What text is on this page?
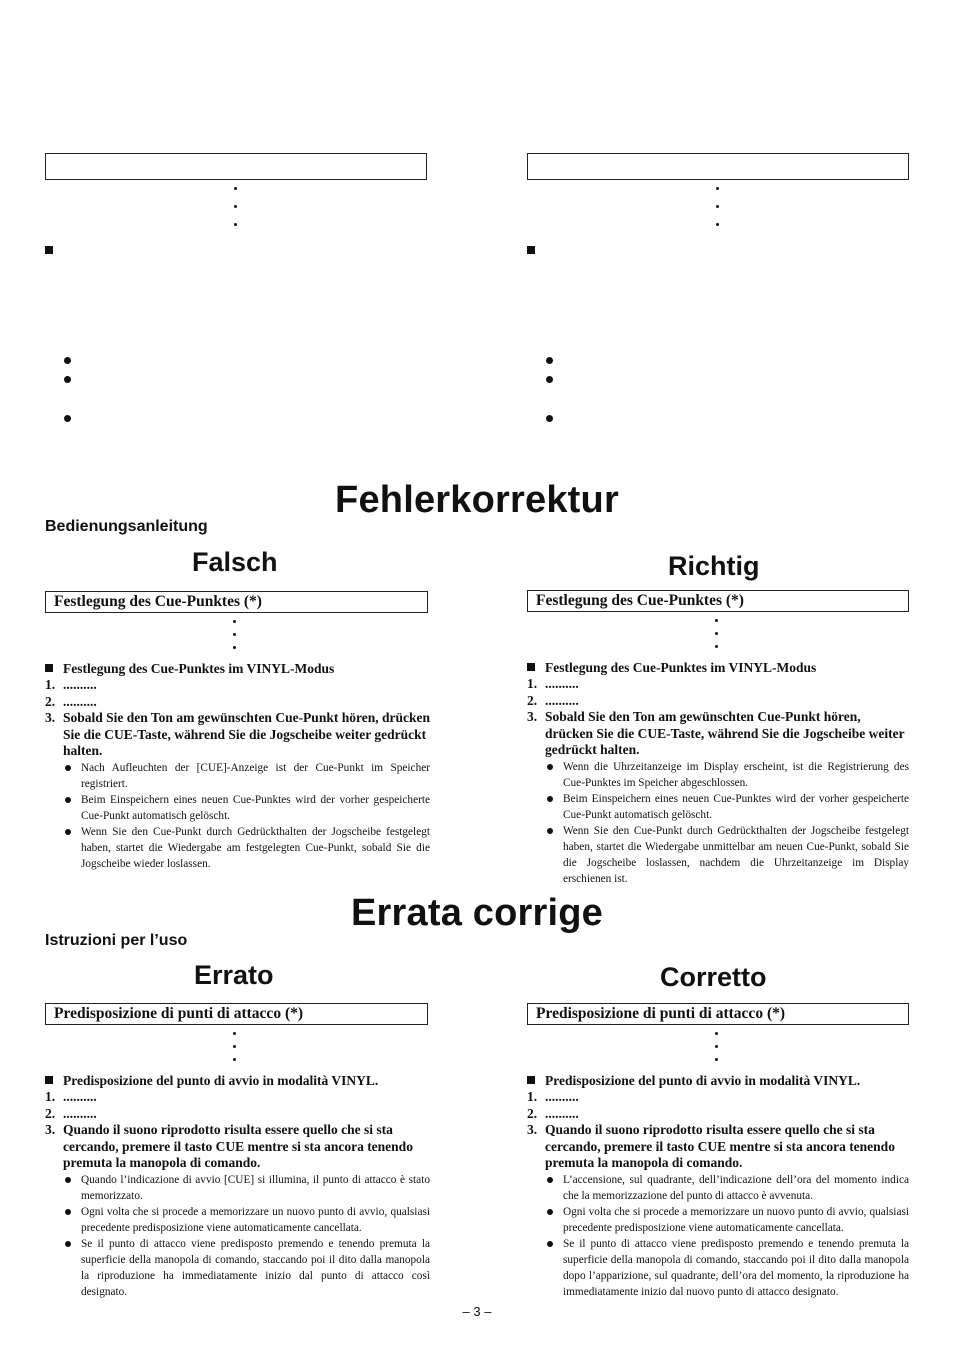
Fehlerkorrektur
Bedienungsanleitung
Falsch	Richtig
Festlegung des Cue-Punktes (*)	Festlegung des Cue-Punktes (*)
Festlegung des Cue-Punktes im VINYL-Modus
1. ..........
2. ..........
3. Sobald Sie den Ton am gewünschten Cue-Punkt hören, drücken Sie die CUE-Taste, während Sie die Jogscheibe weiter gedrückt halten.
Nach Aufleuchten der [CUE]-Anzeige ist der Cue-Punkt im Speicher registriert.
Beim Einspeichern eines neuen Cue-Punktes wird der vorher gespeicherte Cue-Punkt automatisch gelöscht.
Wenn Sie den Cue-Punkt durch Gedrückthalten der Jogscheibe festgelegt haben, startet die Wiedergabe am festgelegten Cue-Punkt, sobald Sie die Jogscheibe wieder loslassen.
Festlegung des Cue-Punktes im VINYL-Modus
1. ..........
2. ..........
3. Sobald Sie den Ton am gewünschten Cue-Punkt hören, drücken Sie die CUE-Taste, während Sie die Jogscheibe weiter gedrückt halten.
Wenn die Uhrzeitanzeige im Display erscheint, ist die Registrierung des Cue-Punktes im Speicher abgeschlossen.
Beim Einspeichern eines neuen Cue-Punktes wird der vorher gespeicherte Cue-Punkt automatisch gelöscht.
Wenn Sie den Cue-Punkt durch Gedrückthalten der Jogscheibe festgelegt haben, startet die Wiedergabe unmittelbar am neuen Cue-Punkt, sobald Sie die Jogscheibe loslassen, nachdem die Uhrzeitanzeige im Display erschienen ist.
Errata corrige
Istruzioni per l’uso
Errato	Corretto
Predisposizione di punti di attacco (*)	Predisposizione di punti di attacco (*)
Predisposizione del punto di avvio in modalità VINYL.
1. ..........
2. ..........
3. Quando il suono riprodotto risulta essere quello che si sta cercando, premere il tasto CUE mentre si sta ancora tenendo premuta la manopola di comando.
Quando l’indicazione di avvio [CUE] si illumina, il punto di attacco è stato memorizzato.
Ogni volta che si procede a memorizzare un nuovo punto di avvio, qualsiasi precedente predisposizione viene automaticamente cancellata.
Se il punto di attacco viene predisposto premendo e tenendo premuta la superficie della manopola di comando, staccando poi il dito dalla manopola la riproduzione ha immediatamente inizio dal punto di attacco così designato.
Predisposizione del punto di avvio in modalità VINYL.
1. ..........
2. ..........
3. Quando il suono riprodotto risulta essere quello che si sta cercando, premere il tasto CUE mentre si sta ancora tenendo premuta la manopola di comando.
L’accensione, sul quadrante, dell’indicazione dell’ora del momento indica che la memorizzazione del punto di attacco è avvenuta.
Ogni volta che si procede a memorizzare un nuovo punto di avvio, qualsiasi precedente predisposizione viene automaticamente cancellata.
Se il punto di attacco viene predisposto premendo e tenendo premuta la superficie della manopola di comando, staccando poi il dito dalla manopola dopo l’apparizione, sul quadrante, dell’ora del momento, la riproduzione ha immediatamente inizio dal nuovo punto di attacco designato.
– 3 –
